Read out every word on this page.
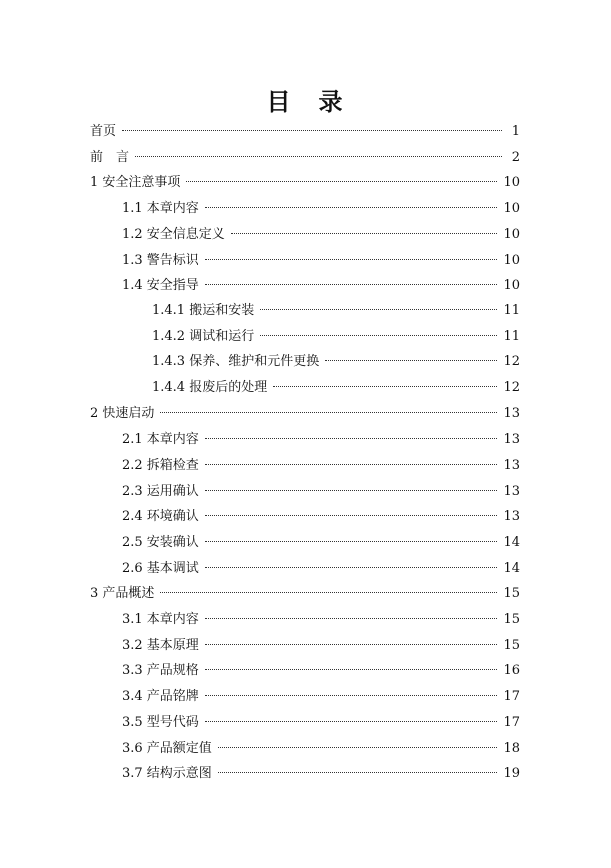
目　录
首页	1
前　言	2
1 安全注意事项	10
1.1 本章内容	10
1.2 安全信息定义	10
1.3 警告标识	10
1.4 安全指导	10
1.4.1 搬运和安装	11
1.4.2 调试和运行	11
1.4.3 保养、维护和元件更换	12
1.4.4 报废后的处理	12
2 快速启动	13
2.1 本章内容	13
2.2 拆箱检查	13
2.3 运用确认	13
2.4 环境确认	13
2.5 安装确认	14
2.6 基本调试	14
3 产品概述	15
3.1 本章内容	15
3.2 基本原理	15
3.3 产品规格	16
3.4 产品铭牌	17
3.5 型号代码	17
3.6 产品额定值	18
3.7 结构示意图	19
